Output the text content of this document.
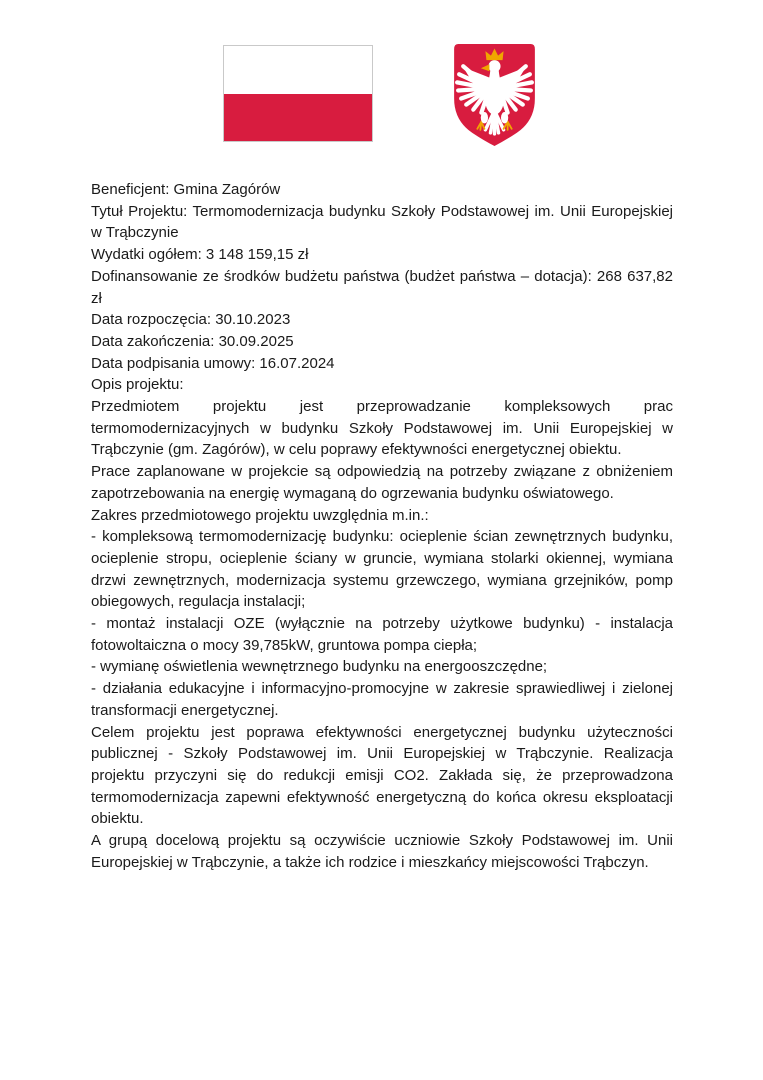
Beneficjent: Gmina Zagórów

Tytuł Projektu: Termomodernizacja budynku Szkoły Podstawowej im. Unii Europejskiej w Trąbczynie

Wydatki ogółem: 3 148 159,15 zł

Dofinansowanie ze środków budżetu państwa (budżet państwa – dotacja): 268 637,82 zł

Data rozpoczęcia: 30.10.2023

Data zakończenia: 30.09.2025

Data podpisania umowy: 16.07.2024

Opis projektu:

Przedmiotem projektu jest przeprowadzanie kompleksowych prac termomodernizacyjnych w budynku Szkoły Podstawowej im. Unii Europejskiej w Trąbczynie (gm. Zagórów), w celu poprawy efektywności energetycznej obiektu.

Prace zaplanowane w projekcie są odpowiedzią na potrzeby związane z obniżeniem zapotrzebowania na energię wymaganą do ogrzewania budynku oświatowego.

Zakres przedmiotowego projektu uwzględnia m.in.:

- kompleksową termomodernizację budynku: ocieplenie ścian zewnętrznych budynku, ocieplenie stropu, ocieplenie ściany w gruncie, wymiana stolarki okiennej, wymiana drzwi zewnętrznych, modernizacja systemu grzewczego, wymiana grzejników, pomp obiegowych, regulacja instalacji;

- montaż instalacji OZE (wyłącznie na potrzeby użytkowe budynku) - instalacja fotowoltaiczna o mocy 39,785kW, gruntowa pompa ciepła;

- wymianę oświetlenia wewnętrznego budynku na energooszczędne;

- działania edukacyjne i informacyjno-promocyjne w zakresie sprawiedliwej i zielonej transformacji energetycznej.

Celem projektu jest poprawa efektywności energetycznej budynku użyteczności publicznej - Szkoły Podstawowej im. Unii Europejskiej w Trąbczynie. Realizacja projektu przyczyni się do redukcji emisji CO2. Zakłada się, że przeprowadzona termomodernizacja zapewni efektywność energetyczną do końca okresu eksploatacji obiektu.

A grupą docelową projektu są oczywiście uczniowie Szkoły Podstawowej im. Unii Europejskiej w Trąbczynie, a także ich rodzice i mieszkańcy miejscowości Trąbczyn.
